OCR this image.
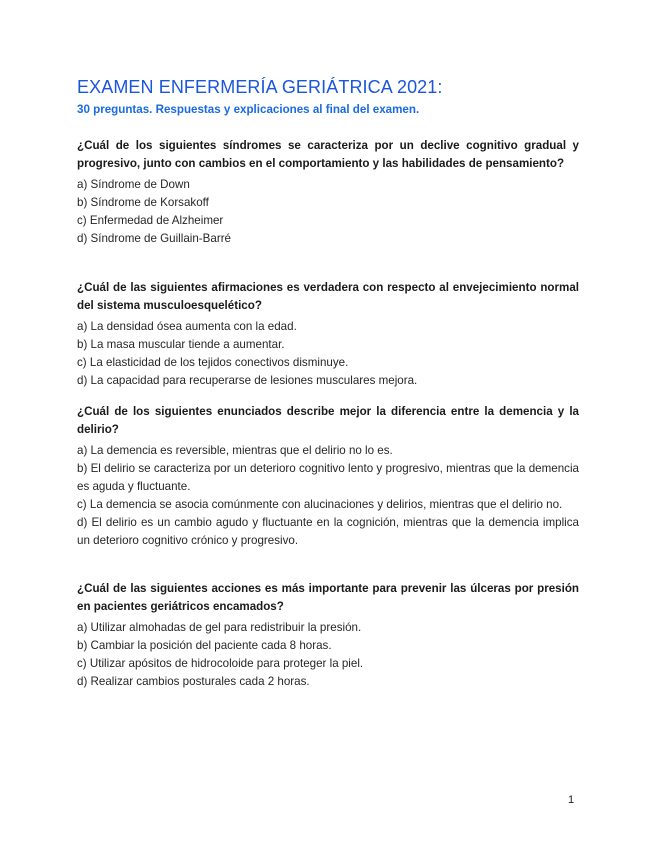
EXAMEN ENFERMERÍA GERIÁTRICA 2021:

30 preguntas. Respuestas y explicaciones al final del examen.

¿Cuál de los siguientes síndromes se caracteriza por un declive cognitivo gradual y progresivo, junto con cambios en el comportamiento y las habilidades de pensamiento?

a) Síndrome de Down

b) Síndrome de Korsakoff

c) Enfermedad de Alzheimer

d) Síndrome de Guillain-Barré

¿Cuál de las siguientes afirmaciones es verdadera con respecto al envejecimiento normal del sistema musculoesquelético?

a) La densidad ósea aumenta con la edad.

b) La masa muscular tiende a aumentar.

c) La elasticidad de los tejidos conectivos disminuye.

d) La capacidad para recuperarse de lesiones musculares mejora.

¿Cuál de los siguientes enunciados describe mejor la diferencia entre la demencia y la delirio?

a) La demencia es reversible, mientras que el delirio no lo es.

b) El delirio se caracteriza por un deterioro cognitivo lento y progresivo, mientras que la demencia es aguda y fluctuante.

c) La demencia se asocia comúnmente con alucinaciones y delirios, mientras que el delirio no.

d) El delirio es un cambio agudo y fluctuante en la cognición, mientras que la demencia implica un deterioro cognitivo crónico y progresivo.

¿Cuál de las siguientes acciones es más importante para prevenir las úlceras por presión en pacientes geriátricos encamados?

a) Utilizar almohadas de gel para redistribuir la presión.

b) Cambiar la posición del paciente cada 8 horas.

c) Utilizar apósitos de hidrocoloide para proteger la piel.

d) Realizar cambios posturales cada 2 horas.

1
